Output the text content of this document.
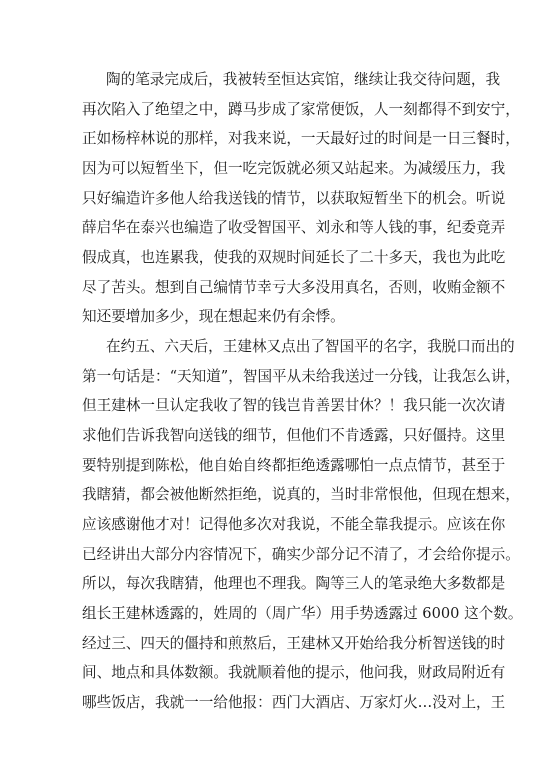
陶的笔录完成后，我被转至恒达宾馆，继续让我交待问题，我
再次陷入了绝望之中，蹲马步成了家常便饭，人一刻都得不到安宁，
正如杨梓林说的那样，对我来说，一天最好过的时间是一日三餐时，
因为可以短暂坐下，但一吃完饭就必须又站起来。为减缓压力，我
只好编造许多他人给我送钱的情节，以获取短暂坐下的机会。听说
薛启华在泰兴也编造了收受智国平、刘永和等人钱的事，纪委竟弄
假成真，也连累我，使我的双规时间延长了二十多天，我也为此吃
尽了苦头。想到自己编情节幸亏大多没用真名，否则，收贿金额不
知还要增加多少，现在想起来仍有余悸。
在约五、六天后，王建林又点出了智国平的名字，我脱口而出的
第一句话是：“天知道”，智国平从未给我送过一分钱，让我怎么讲，
但王建林一旦认定我收了智的钱岂肯善罢甘休？！我只能一次次请
求他们告诉我智向送钱的细节，但他们不肯透露，只好僵持。这里
要特别提到陈松，他自始自终都拒绝透露哪怕一点点情节，甚至于
我瞎猜，都会被他断然拒绝，说真的，当时非常恨他，但现在想来，
应该感谢他才对！记得他多次对我说，不能全靠我提示。应该在你
已经讲出大部分内容情况下，确实少部分记不清了，才会给你提示。
所以，每次我瞎猜，他理也不理我。陶等三人的笔录绝大多数都是
组长王建林透露的，姓周的（周广华）用手势透露过 6000 这个数。
经过三、四天的僵持和煎熬后，王建林又开始给我分析智送钱的时
间、地点和具体数额。我就顺着他的提示，他问我，财政局附近有
哪些饭店，我就一一给他报：西门大酒店、万家灯火…没对上，王
